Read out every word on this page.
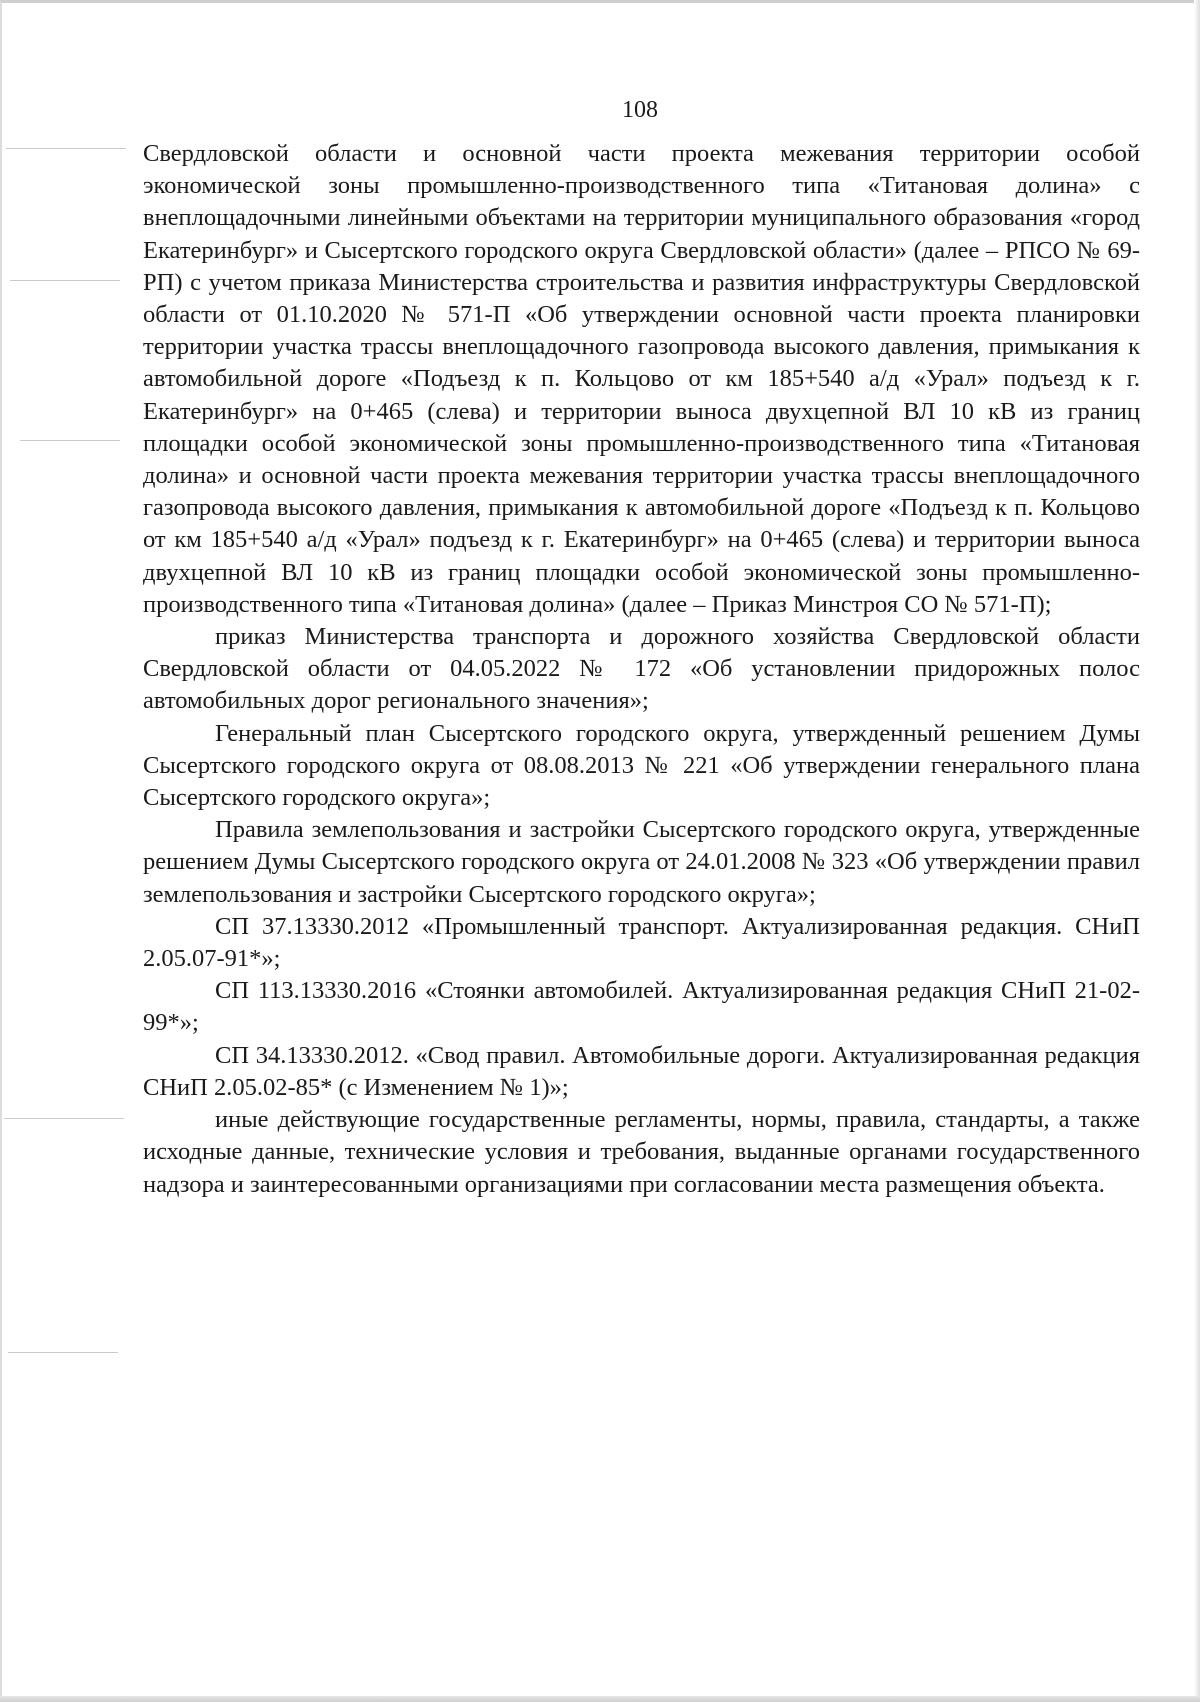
108

Свердловской области и основной части проекта межевания территории особой экономической зоны промышленно-производственного типа «Титановая долина» с внеплощадочными линейными объектами на территории муниципального образования «город Екатеринбург» и Сысертского городского округа Свердловской области» (далее – РПСО № 69-РП) с учетом приказа Министерства строительства и развития инфраструктуры Свердловской области от 01.10.2020 № 571-П «Об утверждении основной части проекта планировки территории участка трассы внеплощадочного газопровода высокого давления, примыкания к автомобильной дороге «Подъезд к п. Кольцово от км 185+540 а/д «Урал» подъезд к г. Екатеринбург» на 0+465 (слева) и территории выноса двухцепной ВЛ 10 кВ из границ площадки особой экономической зоны промышленно-производственного типа «Титановая долина» и основной части проекта межевания территории участка трассы внеплощадочного газопровода высокого давления, примыкания к автомобильной дороге «Подъезд к п. Кольцово от км 185+540 а/д «Урал» подъезд к г. Екатеринбург» на 0+465 (слева) и территории выноса двухцепной ВЛ 10 кВ из границ площадки особой экономической зоны промышленно-производственного типа «Титановая долина» (далее – Приказ Минстроя СО № 571-П);

приказ Министерства транспорта и дорожного хозяйства Свердловской области Свердловской области от 04.05.2022 № 172 «Об установлении придорожных полос автомобильных дорог регионального значения»;

Генеральный план Сысертского городского округа, утвержденный решением Думы Сысертского городского округа от 08.08.2013 № 221 «Об утверждении генерального плана Сысертского городского округа»;

Правила землепользования и застройки Сысертского городского округа, утвержденные решением Думы Сысертского городского округа от 24.01.2008 № 323 «Об утверждении правил землепользования и застройки Сысертского городского округа»;

СП 37.13330.2012 «Промышленный транспорт. Актуализированная редакция. СНиП 2.05.07-91*»;

СП 113.13330.2016 «Стоянки автомобилей. Актуализированная редакция СНиП 21-02-99*»;

СП 34.13330.2012. «Свод правил. Автомобильные дороги. Актуализированная редакция СНиП 2.05.02-85* (с Изменением № 1)»;

иные действующие государственные регламенты, нормы, правила, стандарты, а также исходные данные, технические условия и требования, выданные органами государственного надзора и заинтересованными организациями при согласовании места размещения объекта.
